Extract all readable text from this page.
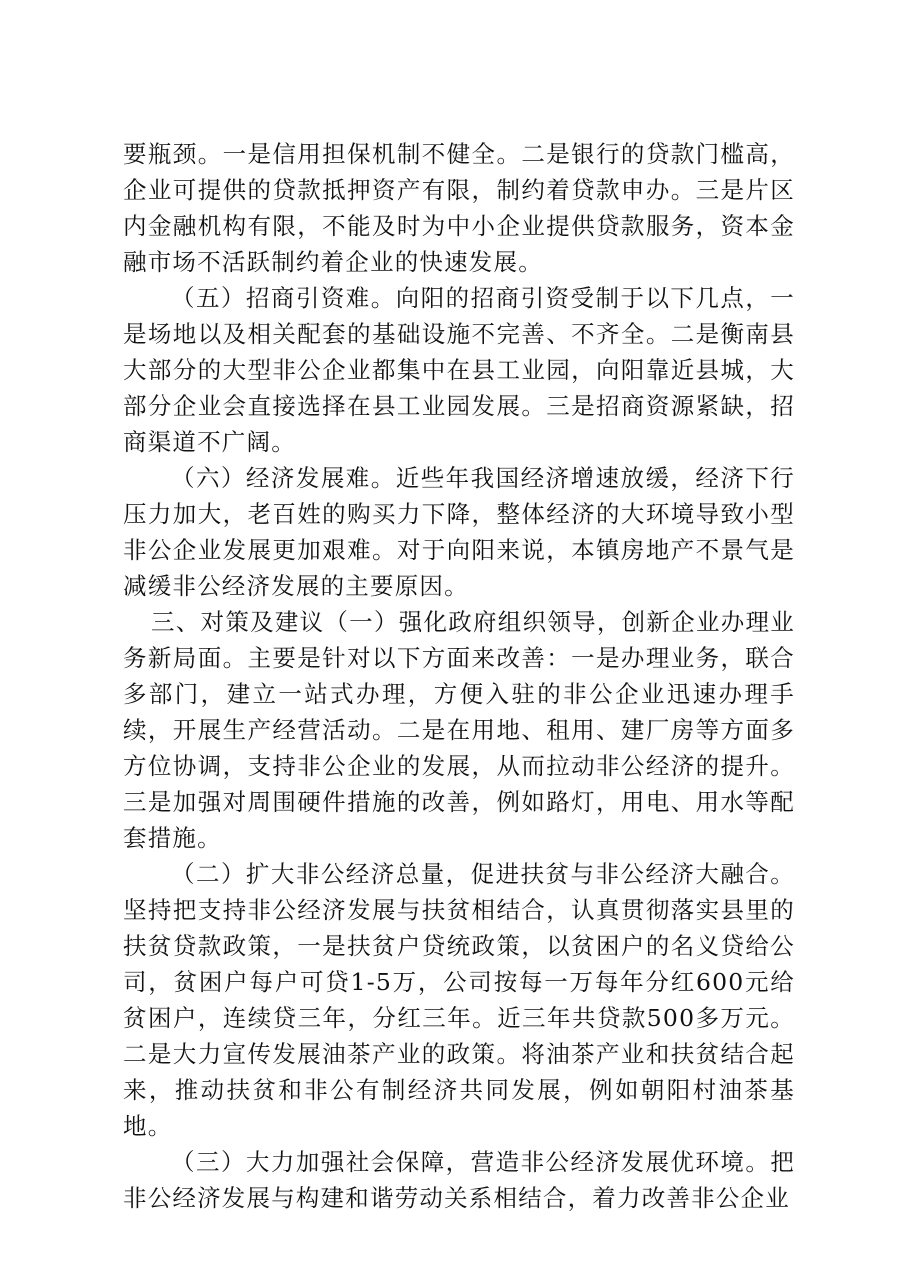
要瓶颈。一是信用担保机制不健全。二是银行的贷款门槛高，企业可提供的贷款抵押资产有限，制约着贷款申办。三是片区内金融机构有限，不能及时为中小企业提供贷款服务，资本金融市场不活跃制约着企业的快速发展。

（五）招商引资难。向阳的招商引资受制于以下几点，一是场地以及相关配套的基础设施不完善、不齐全。二是衡南县大部分的大型非公企业都集中在县工业园，向阳靠近县城，大部分企业会直接选择在县工业园发展。三是招商资源紧缺，招商渠道不广阔。

（六）经济发展难。近些年我国经济增速放缓，经济下行压力加大，老百姓的购买力下降，整体经济的大环境导致小型非公企业发展更加艰难。对于向阳来说，本镇房地产不景气是减缓非公经济发展的主要原因。

三、对策及建议（一）强化政府组织领导，创新企业办理业务新局面。主要是针对以下方面来改善：一是办理业务，联合多部门，建立一站式办理，方便入驻的非公企业迅速办理手续，开展生产经营活动。二是在用地、租用、建厂房等方面多方位协调，支持非公企业的发展，从而拉动非公经济的提升。三是加强对周围硬件措施的改善，例如路灯，用电、用水等配套措施。

（二）扩大非公经济总量，促进扶贫与非公经济大融合。坚持把支持非公经济发展与扶贫相结合，认真贯彻落实县里的扶贫贷款政策，一是扶贫户贷统政策，以贫困户的名义贷给公司，贫困户每户可贷1-5万，公司按每一万每年分红600元给贫困户，连续贷三年，分红三年。近三年共贷款500多万元。二是大力宣传发展油茶产业的政策。将油茶产业和扶贫结合起来，推动扶贫和非公有制经济共同发展，例如朝阳村油茶基地。

（三）大力加强社会保障，营造非公经济发展优环境。把非公经济发展与构建和谐劳动关系相结合，着力改善非公企业
